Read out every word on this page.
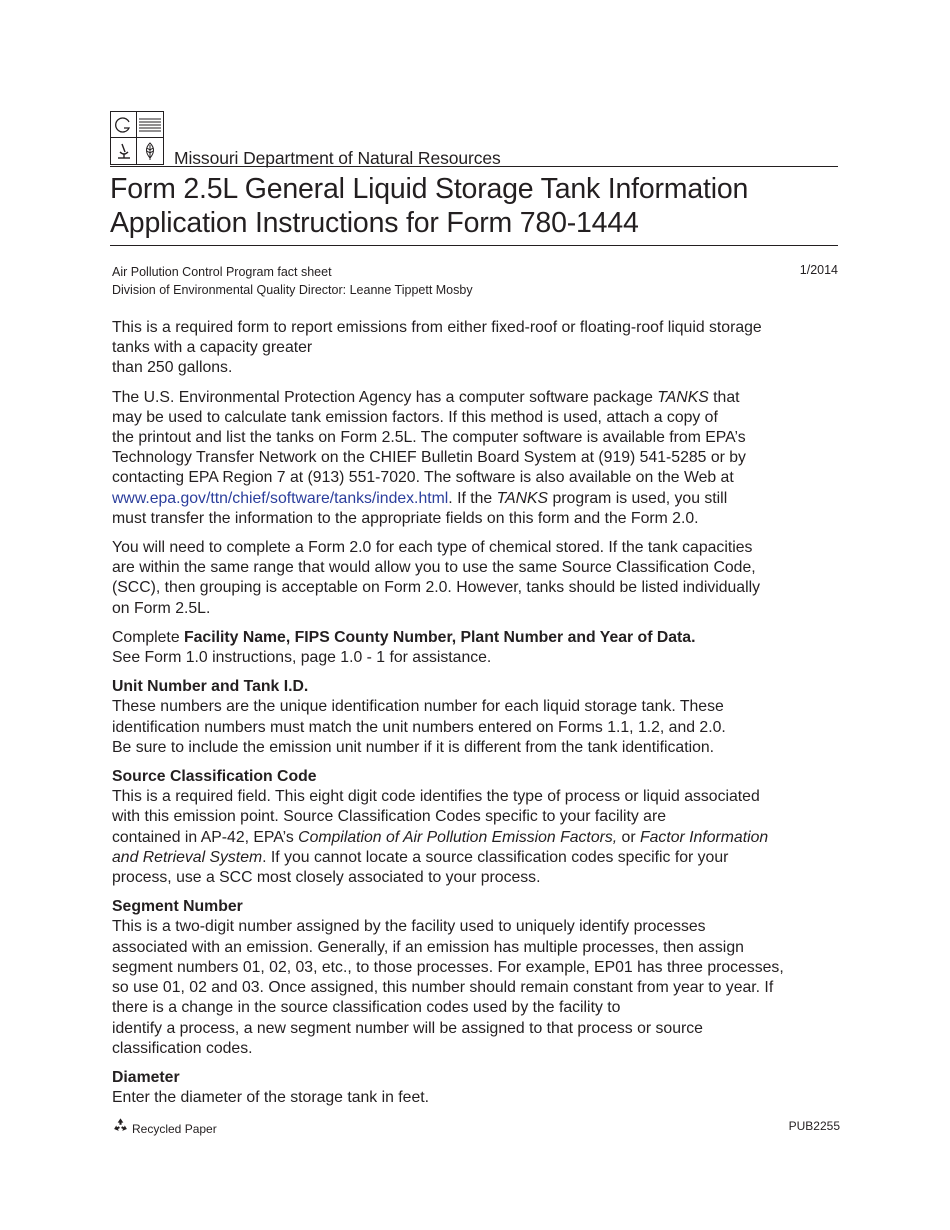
Missouri Department of Natural Resources
Form 2.5L General Liquid Storage Tank Information
Application Instructions for Form 780-1444
Air Pollution Control Program fact sheet
Division of Environmental Quality Director: Leanne Tippett Mosby
1/2014

This is a required form to report emissions from either fixed-roof or floating-roof liquid storage
tanks with a capacity greater
than 250 gallons.

The U.S. Environmental Protection Agency has a computer software package TANKS that
may be used to calculate tank emission factors. If this method is used, attach a copy of
the printout and list the tanks on Form 2.5L. The computer software is available from EPA’s
Technology Transfer Network on the CHIEF Bulletin Board System at (919) 541-5285 or by
contacting EPA Region 7 at (913) 551-7020. The software is also available on the Web at
www.epa.gov/ttn/chief/software/tanks/index.html. If the TANKS program is used, you still
must transfer the information to the appropriate fields on this form and the Form 2.0.

You will need to complete a Form 2.0 for each type of chemical stored. If the tank capacities
are within the same range that would allow you to use the same Source Classification Code,
(SCC), then grouping is acceptable on Form 2.0. However, tanks should be listed individually
on Form 2.5L.

Complete Facility Name, FIPS County Number, Plant Number and Year of Data.
See Form 1.0 instructions, page 1.0 - 1 for assistance.

Unit Number and Tank I.D.
These numbers are the unique identification number for each liquid storage tank. These
identification numbers must match the unit numbers entered on Forms 1.1, 1.2, and 2.0.
Be sure to include the emission unit number if it is different from the tank identification.

Source Classification Code
This is a required field. This eight digit code identifies the type of process or liquid associated
with this emission point. Source Classification Codes specific to your facility are
contained in AP-42, EPA’s Compilation of Air Pollution Emission Factors, or Factor Information
and Retrieval System. If you cannot locate a source classification codes specific for your
process, use a SCC most closely associated to your process.

Segment Number
This is a two-digit number assigned by the facility used to uniquely identify processes
associated with an emission. Generally, if an emission has multiple processes, then assign
segment numbers 01, 02, 03, etc., to those processes. For example, EP01 has three processes,
so use 01, 02 and 03. Once assigned, this number should remain constant from year to year. If
there is a change in the source classification codes used by the facility to
identify a process, a new segment number will be assigned to that process or source
classification codes.

Diameter
Enter the diameter of the storage tank in feet.

Recycled Paper	PUB2255
